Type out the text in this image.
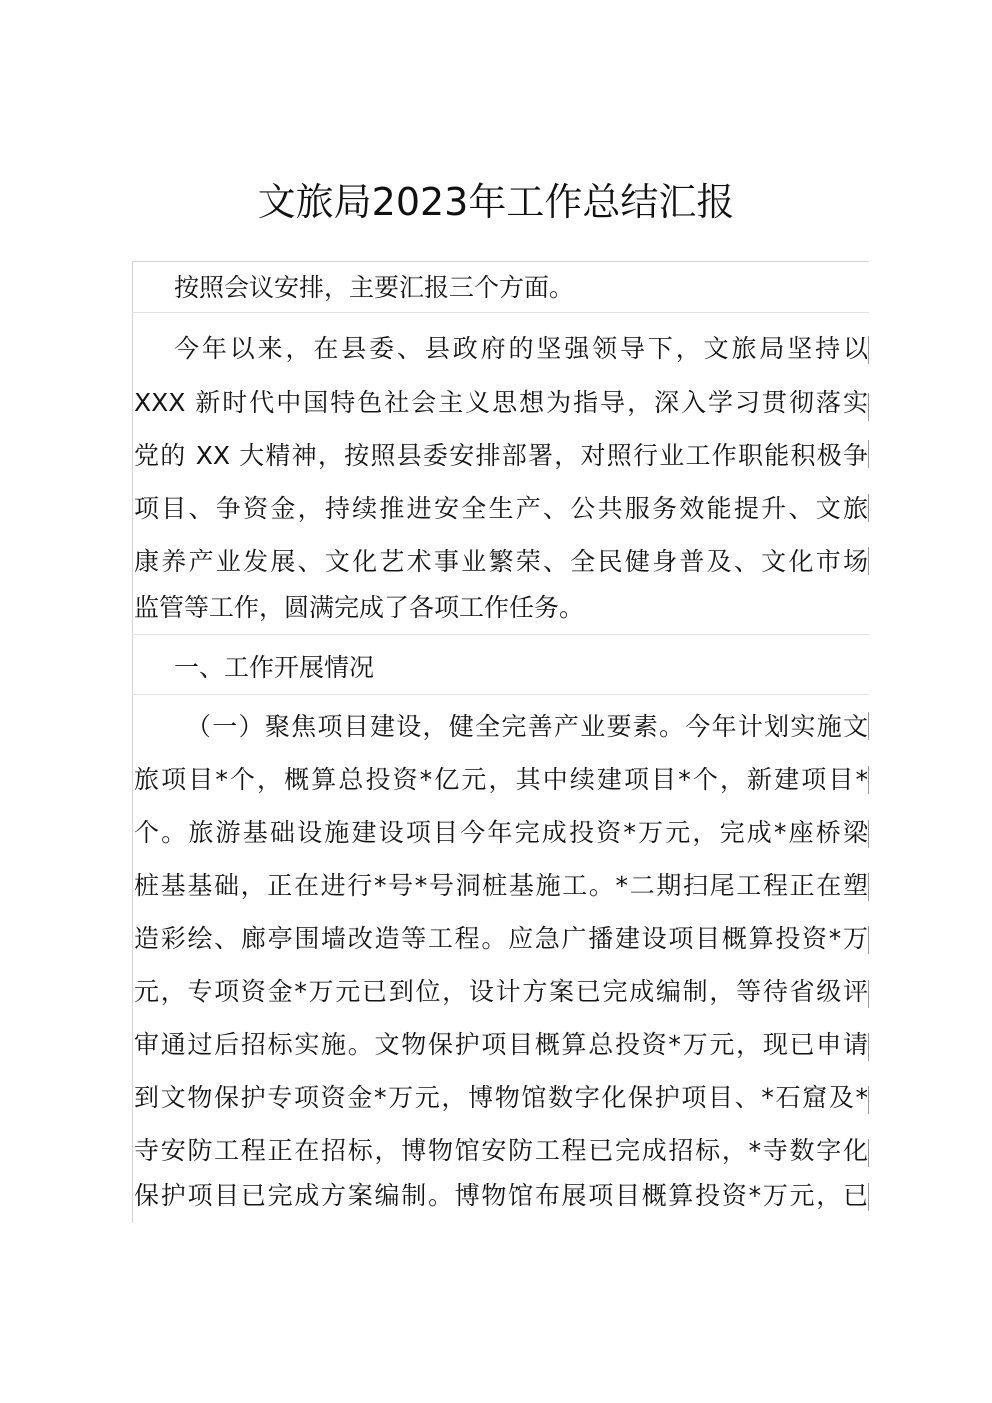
文旅局2023年工作总结汇报
按照会议安排，主要汇报三个方面。
今年以来，在县委、县政府的坚强领导下，文旅局坚持以
XXX 新时代中国特色社会主义思想为指导，深入学习贯彻落实
党的 XX 大精神，按照县委安排部署，对照行业工作职能积极争
项目、争资金，持续推进安全生产、公共服务效能提升、文旅
康养产业发展、文化艺术事业繁荣、全民健身普及、文化市场
监管等工作，圆满完成了各项工作任务。
一、工作开展情况
（一）聚焦项目建设，健全完善产业要素。今年计划实施文
旅项目*个，概算总投资*亿元，其中续建项目*个，新建项目*
个。旅游基础设施建设项目今年完成投资*万元，完成*座桥梁
桩基基础，正在进行*号*号洞桩基施工。*二期扫尾工程正在塑
造彩绘、廊亭围墙改造等工程。应急广播建设项目概算投资*万
元，专项资金*万元已到位，设计方案已完成编制，等待省级评
审通过后招标实施。文物保护项目概算总投资*万元，现已申请
到文物保护专项资金*万元，博物馆数字化保护项目、*石窟及*
寺安防工程正在招标，博物馆安防工程已完成招标，*寺数字化
保护项目已完成方案编制。博物馆布展项目概算投资*万元，已
